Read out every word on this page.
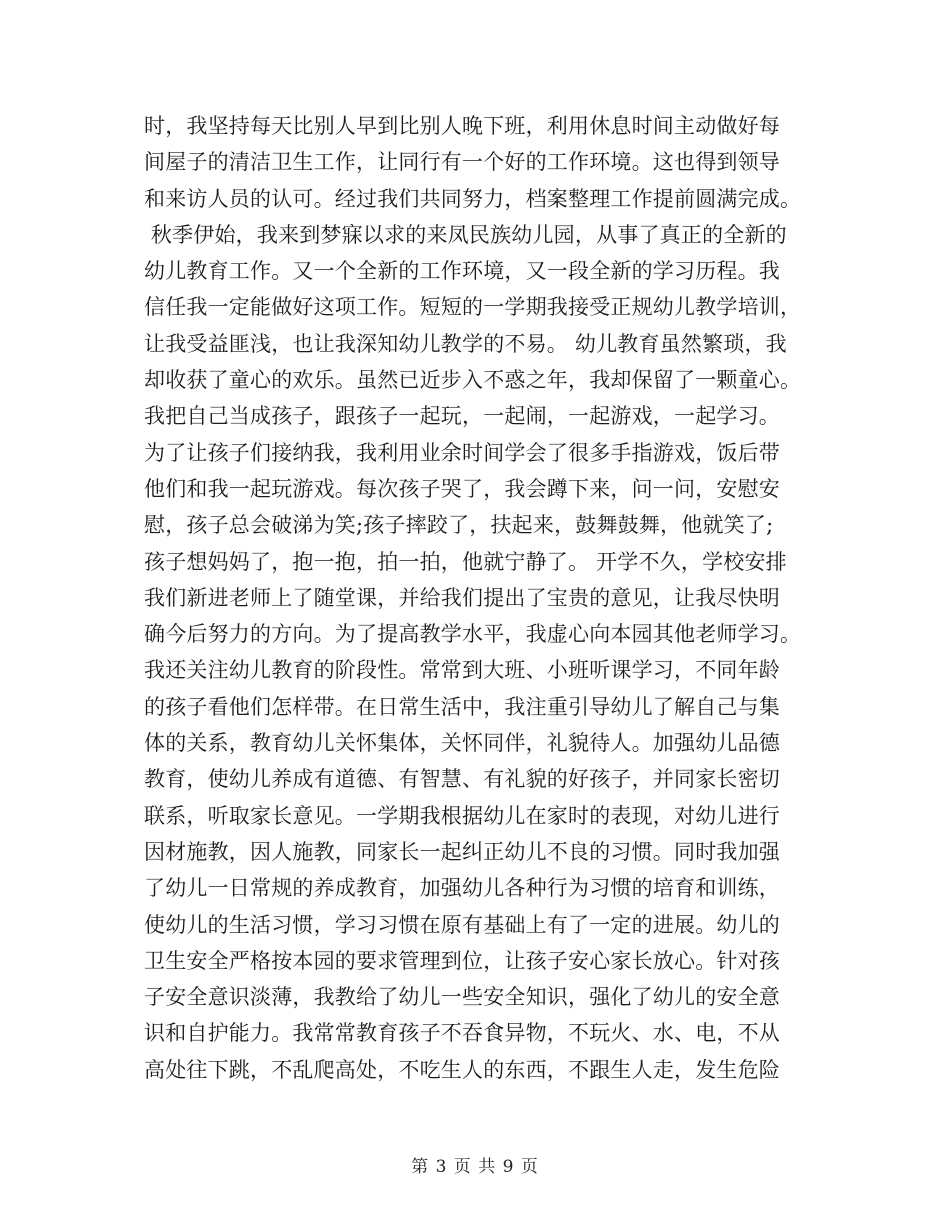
时，我坚持每天比别人早到比别人晚下班，利用休息时间主动做好每
间屋子的清洁卫生工作，让同行有一个好的工作环境。这也得到领导
和来访人员的认可。经过我们共同努力，档案整理工作提前圆满完成。
秋季伊始，我来到梦寐以求的来凤民族幼儿园，从事了真正的全新的
幼儿教育工作。又一个全新的工作环境，又一段全新的学习历程。我
信任我一定能做好这项工作。短短的一学期我接受正规幼儿教学培训，
让我受益匪浅，也让我深知幼儿教学的不易。 幼儿教育虽然繁琐，我
却收获了童心的欢乐。虽然已近步入不惑之年，我却保留了一颗童心。
我把自己当成孩子，跟孩子一起玩，一起闹，一起游戏，一起学习。
为了让孩子们接纳我，我利用业余时间学会了很多手指游戏，饭后带
他们和我一起玩游戏。每次孩子哭了，我会蹲下来，问一问，安慰安
慰，孩子总会破涕为笑;孩子摔跤了，扶起来，鼓舞鼓舞，他就笑了;
孩子想妈妈了，抱一抱，拍一拍，他就宁静了。 开学不久，学校安排
我们新进老师上了随堂课，并给我们提出了宝贵的意见，让我尽快明
确今后努力的方向。为了提高教学水平，我虚心向本园其他老师学习。
我还关注幼儿教育的阶段性。常常到大班、小班听课学习，不同年龄
的孩子看他们怎样带。在日常生活中，我注重引导幼儿了解自己与集
体的关系，教育幼儿关怀集体，关怀同伴，礼貌待人。加强幼儿品德
教育，使幼儿养成有道德、有智慧、有礼貌的好孩子，并同家长密切
联系，听取家长意见。一学期我根据幼儿在家时的表现，对幼儿进行
因材施教，因人施教，同家长一起纠正幼儿不良的习惯。同时我加强
了幼儿一日常规的养成教育，加强幼儿各种行为习惯的培育和训练，
使幼儿的生活习惯，学习习惯在原有基础上有了一定的进展。幼儿的
卫生安全严格按本园的要求管理到位，让孩子安心家长放心。针对孩
子安全意识淡薄，我教给了幼儿一些安全知识，强化了幼儿的安全意
识和自护能力。我常常教育孩子不吞食异物，不玩火、水、电，不从
高处往下跳，不乱爬高处，不吃生人的东西，不跟生人走，发生危险
第 3 页 共 9 页
